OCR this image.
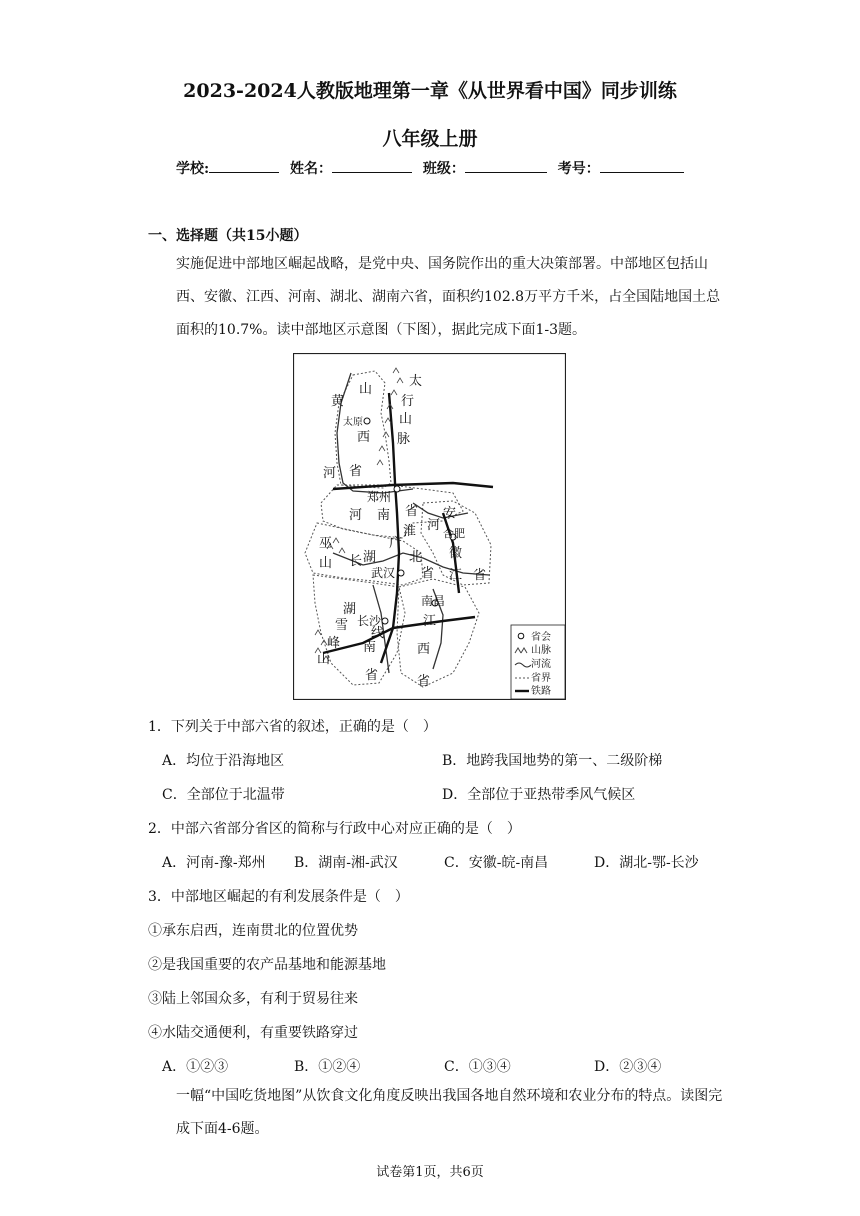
2023-2024人教版地理第一章《从世界看中国》同步训练
八年级上册
学校:	姓名：	班级：	考号：
一、选择题（共15小题）
实施促进中部地区崛起战略，是党中央、国务院作出的重大决策部署。中部地区包括山西、安徽、江西、河南、湖北、湖南六省，面积约102.8万平方千米，占全国陆地国土总面积的10.7%。读中部地区示意图（下图），据此完成下面1-3题。
黄
河
山
西
省
太
行
山
脉
太原
郑州
河 南 省
淮 河
安
徽
省
合肥
巫
山 长
江
湖	北
省
武汉
广
南昌
江
西
省
湖
南
省
长沙
雪
峰
山
线	省会
山脉
河流
省界
铁路
1．下列关于中部六省的叙述，正确的是（　）
A．均位于沿海地区	B．地跨我国地势的第一、二级阶梯
C．全部位于北温带	D．全部位于亚热带季风气候区
2．中部六省部分省区的简称与行政中心对应正确的是（　）
A．河南-豫-郑州 B．湖南-湘-武汉	C．安徽-皖-南昌	D．湖北-鄂-长沙
3．中部地区崛起的有利发展条件是（　）
①承东启西，连南贯北的位置优势
②是我国重要的农产品基地和能源基地
③陆上邻国众多，有利于贸易往来
④水陆交通便利，有重要铁路穿过
A．①②③	B．①②④	C．①③④	D．②③④
一幅“中国吃货地图”从饮食文化角度反映出我国各地自然环境和农业分布的特点。读图完成下面4-6题。
试卷第1页，共6页
